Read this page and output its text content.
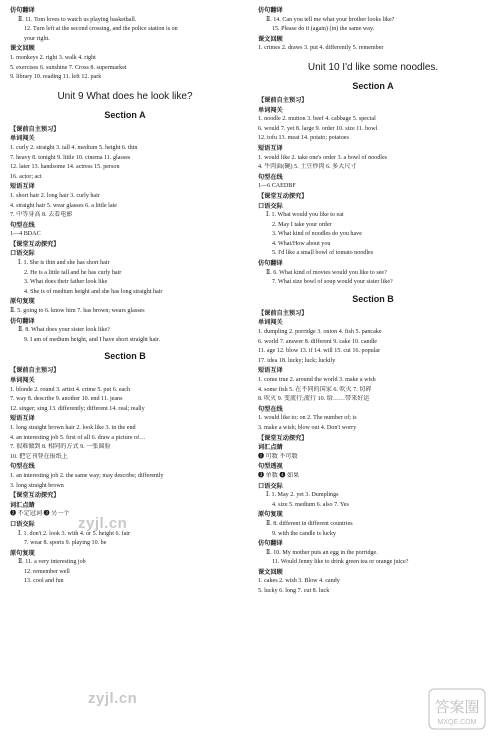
仿句翻译
Ⅱ. 11. Tom loves to watch us playing basketball.
12. Turn left at the second crossing, and the police station is on
your right.
课文回顾
1. monkeys 2. right 3. walk 4. right
5. exercises 6. sunshine 7. Cross 8. supermarket
9. library 10. reading 11. left 12. park
Unit 9 What does he look like?
Section A
【课前自主预习】
单词闯关
1. curly 2. straight 3. tall 4. medium 5. height 6. thin
7. heavy 8. tonight 9. little 10. cinema 11. glasses
12. later 13. handsome 14. actress 15. person
16. actor; act
短语互译
1. short hair 2. long hair 3. curly hair
4. straight hair 5. wear glasses 6. a little late
7. 中等身高 8. 去看电影
句型在线
1—4 BDAC
【课堂互动探究】
口语交际
Ⅰ. 1. She is thin and she has short hair
2. He is a little tall and he has curly hair
3. What does their father look like
4. She is of medium height and she has long straight hair
原句复现
Ⅱ. 5. going to 6. know him 7. has brown; wears glasses
仿句翻译
Ⅱ. 8. What does your sister look like?
9. I am of medium height, and I have short straight hair.
Section B
【课前自主预习】
单词闯关
1. blonde 2. round 3. artist 4. crime 5. put 6. each
7. way 8. describe 9. another 10. end 11. jeans
12. singer; sing 13. differently; different 14. real; really
短语互译
1. long straight brown hair 2. look like 3. in the end
4. an interesting job 5. first of all 6. draw a picture of…
7. 很难做到 8. 相同的方式 9. 一张圆脸
10. 把它刊登在报纸上
句型在线
1. an interesting job 2. the same way; may describe; differently
3. long straight brown
【课堂互动探究】
词汇点睛
❷ 不定冠词 ❸ 另一个
口语交际
Ⅰ. 1. don't 2. look 3. with 4. or 5. height 6. fair
7. wear 8. sports 9. playing 10. be
原句复现
Ⅱ. 11. a very interesting job
12. remember well
13. cool and fun
仿句翻译
Ⅱ. 14. Can you tell me what your brother looks like?
15. Please do it (again) (in) the same way.
课文回顾
1. crimes 2. draws 3. put 4. differently 5. remember
Unit 10 I'd like some noodles.
Section A
【课前自主预习】
单词闯关
1. noodle 2. mutton 3. beef 4. cabbage 5. special
6. would 7. yet 8. large 9. order 10. size 11. bowl
12. tofu 13. meat 14. potato; potatoes
短语互译
1. would like 2. take one's order 3. a bowl of noodles
4. 牛肉面(碗) 5. 土豆炒肉 6. 多大尺寸
句型在线
1—6 CAEDBF
【课堂互动探究】
口语交际
Ⅰ. 1. What would you like to eat
2. May I take your order
3. What kind of noodles do you have
4. What/How about you
5. I'd like a small bowl of tomato noodles
仿句翻译
Ⅱ. 6. What kind of movies would you like to see?
7. What size bowl of soup would your sister like?
Section B
【课前自主预习】
单词闯关
1. dumpling 2. porridge 3. onion 4. fish 5. pancake
6. world 7. answer 8. different 9. cake 10. candle
11. age 12. blow 13. if 14. will 15. cut 16. popular
17. idea 18. lucky; luck; luckily
短语互译
1. come true 2. around the world 3. make a wish
4. some fish 5. 在不同的国家 6. 吹灭 7. 切碎
8. 吹灭 9. 变流行;流行 10. 给……带来好运
句型在线
1. would like to; on 2. The number of; is
3. make a wish; blow out 4. Don't worry
【课堂互动探究】
词汇点睛
❶ 可数 不可数
句型透视
❸ 单数 ❹ 如果
口语交际
Ⅰ. 1. May 2. yet 3. Dumplings
4. size 5. medium 6. also 7. Yes
原句复现
Ⅱ. 8. different in different countries
9. with the candle is lucky
仿句翻译
Ⅱ. 10. My mother puts an egg in the porridge.
11. Would Jenny like to drink green tea or orange juice?
课文回顾
1. cakes 2. wish 3. Blow 4. candy
5. lucky 6. long 7. cut 8. luck
zyjl.cn
zyjl.cn	答案圈
MXQE.COM
